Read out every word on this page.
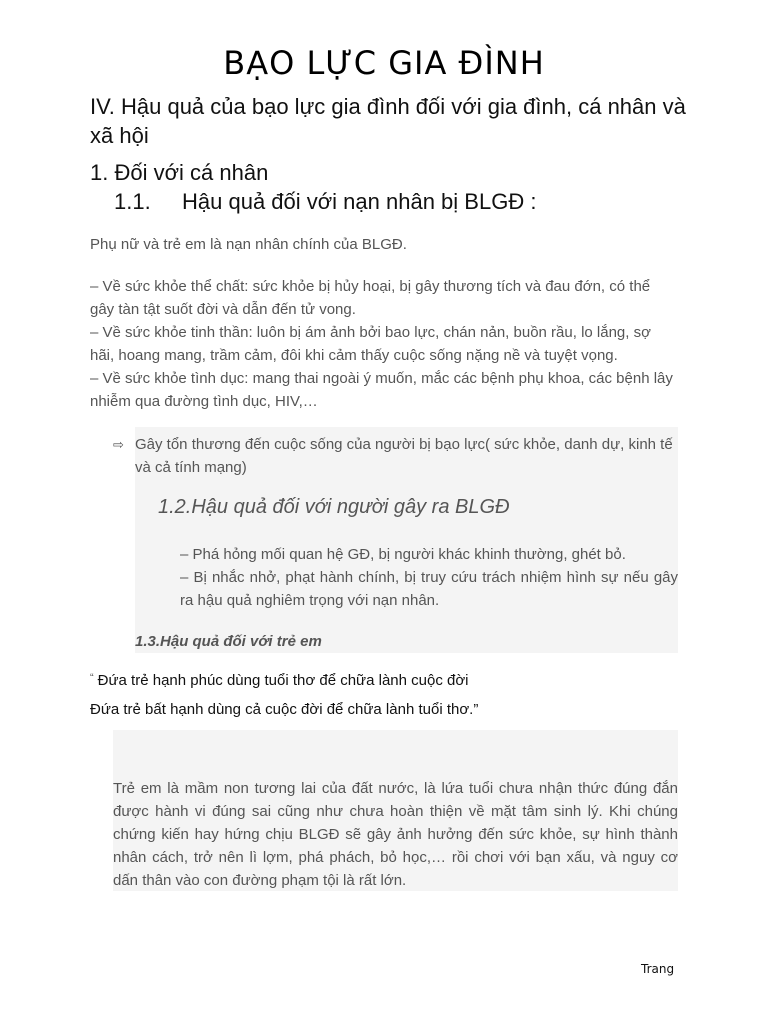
BẠO LỰC GIA ĐÌNH
IV. Hậu quả của bạo lực gia đình đối với gia đình, cá nhân và xã hội
1. Đối với cá nhân
1.1. Hậu quả đối với nạn nhân bị BLGĐ :
Phụ nữ và trẻ em là nạn nhân chính của BLGĐ.
– Về sức khỏe thể chất: sức khỏe bị hủy hoại, bị gây thương tích và đau đớn, có thể gây tàn tật suốt đời và dẫn đến tử vong.
– Về sức khỏe tinh thần: luôn bị ám ảnh bởi bao lực, chán nản, buồn rầu, lo lắng, sợ hãi, hoang mang, trầm cảm, đôi khi cảm thấy cuộc sống nặng nề và tuyệt vọng.
– Về sức khỏe tình dục: mang thai ngoài ý muốn, mắc các bệnh phụ khoa, các bệnh lây nhiễm qua đường tình dục, HIV,…
⇨ Gây tổn thương đến cuộc sống của người bị bạo lực( sức khỏe, danh dự, kinh tế và cả tính mạng)
1.2.Hậu quả đối với người gây ra BLGĐ
– Phá hỏng mối quan hệ GĐ, bị người khác khinh thường, ghét bỏ.
– Bị nhắc nhở, phạt hành chính, bị truy cứu trách nhiệm hình sự nếu gây ra hậu quả nghiêm trọng với nạn nhân.
1.3.Hậu quả đối với trẻ em
“ Đứa trẻ hạnh phúc dùng tuổi thơ để chữa lành cuộc đời
Đứa trẻ bất hạnh dùng cả cuộc đời để chữa lành tuổi thơ.”
Trẻ em là mầm non tương lai của đất nước, là lứa tuổi chưa nhận thức đúng đắn được hành vi đúng sai cũng như chưa hoàn thiện về mặt tâm sinh lý. Khi chúng chứng kiến hay hứng chịu BLGĐ sẽ gây ảnh hưởng đến sức khỏe, sự hình thành nhân cách, trở nên lì lợm, phá phách, bỏ học,… rồi chơi với bạn xấu, và nguy cơ dấn thân vào con đường phạm tội là rất lớn.
Trang
